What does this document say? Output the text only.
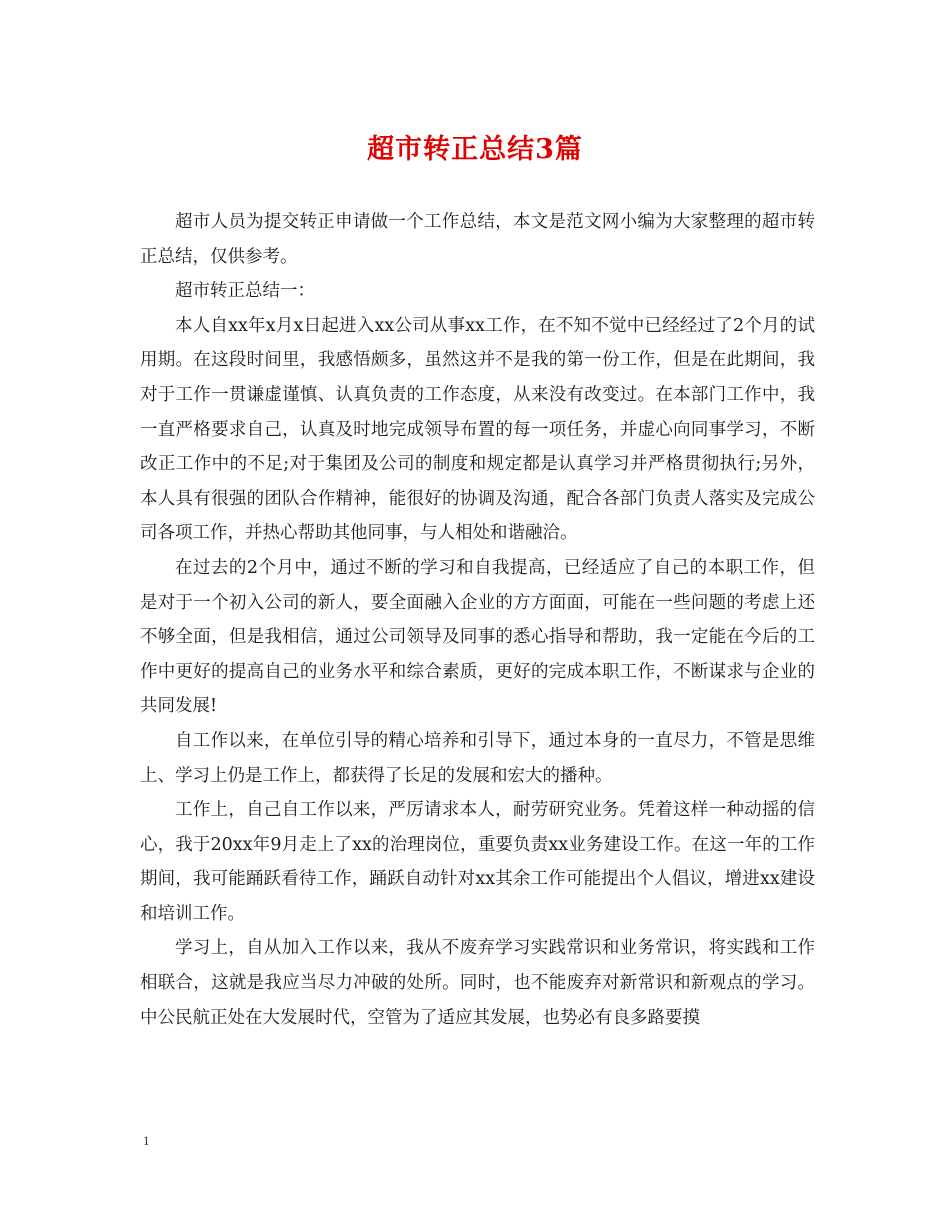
超市转正总结3篇

超市人员为提交转正申请做一个工作总结，本文是范文网小编为大家整理的超市转正总结，仅供参考。

超市转正总结一：

本人自xx年x月x日起进入xx公司从事xx工作，在不知不觉中已经经过了2个月的试用期。在这段时间里，我感悟颇多，虽然这并不是我的第一份工作，但是在此期间，我对于工作一贯谦虚谨慎、认真负责的工作态度，从来没有改变过。在本部门工作中，我一直严格要求自己，认真及时地完成领导布置的每一项任务，并虚心向同事学习，不断改正工作中的不足;对于集团及公司的制度和规定都是认真学习并严格贯彻执行;另外，本人具有很强的团队合作精神，能很好的协调及沟通，配合各部门负责人落实及完成公司各项工作，并热心帮助其他同事，与人相处和谐融洽。

在过去的2个月中，通过不断的学习和自我提高，已经适应了自己的本职工作，但是对于一个初入公司的新人，要全面融入企业的方方面面，可能在一些问题的考虑上还不够全面，但是我相信，通过公司领导及同事的悉心指导和帮助，我一定能在今后的工作中更好的提高自己的业务水平和综合素质，更好的完成本职工作，不断谋求与企业的共同发展!

自工作以来，在单位引导的精心培养和引导下，通过本身的一直尽力，不管是思维上、学习上仍是工作上，都获得了长足的发展和宏大的播种。

工作上，自己自工作以来，严厉请求本人，耐劳研究业务。凭着这样一种动摇的信心，我于20xx年9月走上了xx的治理岗位，重要负责xx业务建设工作。在这一年的工作期间，我可能踊跃看待工作，踊跃自动针对xx其余工作可能提出个人倡议，增进xx建设和培训工作。

学习上，自从加入工作以来，我从不废弃学习实践常识和业务常识，将实践和工作相联合，这就是我应当尽力冲破的处所。同时，也不能废弃对新常识和新观点的学习。中公民航正处在大发展时代，空管为了适应其发展，也势必有良多路要摸

1
